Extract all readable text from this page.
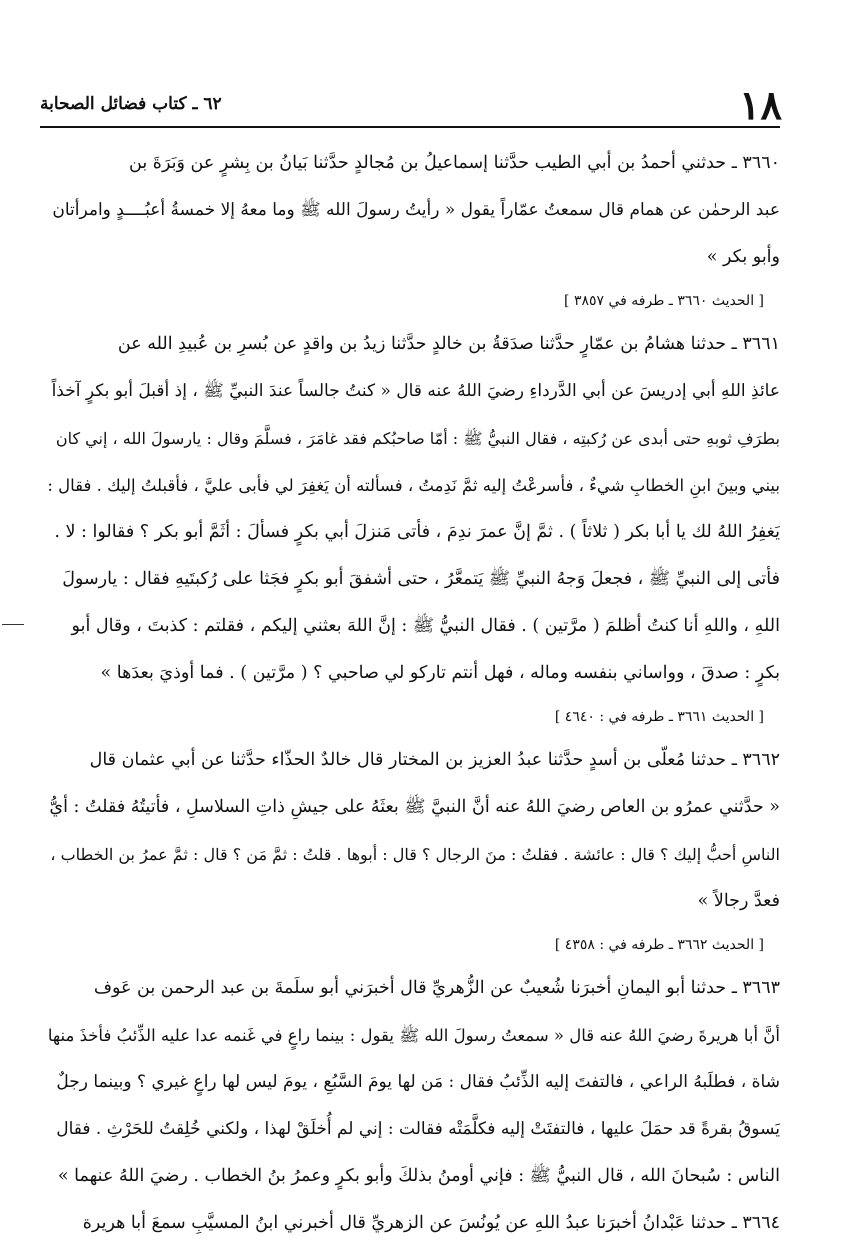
١٨
٦٢ ـ كتاب فضائل الصحابة
٣٦٦٠ ـ حدثني أحمدُ بن أبي الطيب حدَّثنا إسماعيلُ بن مُجالدٍ حدَّثنا بَيانُ بن بِشرٍ عن وَبَرَةَ بن
عبد الرحمٰن عن همام قال سمعتُ عمّاراً يقول « رأيتُ رسولَ الله ﷺ وما معهُ إلا خمسةُ أعبُــــدٍ وامرأتان
وأبو بكر »
[ الحديث ٣٦٦٠ ـ طرفه في ٣٨٥٧ ]
٣٦٦١ ـ حدثنا هشامُ بن عمّارٍ حدَّثنا صدَقةُ بن خالدٍ حدَّثنا زيدُ بن واقدٍ عن بُسرِ بن عُبيدِ الله عن
عائذِ اللهِ أبي إدريسَ عن أبي الدَّرداءِ رضيَ اللهُ عنه قال « كنتُ جالساً عندَ النبيِّ ﷺ ، إذ أقبلَ أبو بكرٍ آخذاً
بطرَفِ ثوبهِ حتى أبدى عن رُكبتِه ، فقال النبيُّ ﷺ : أمّا صاحبُكم فقد غامَرَ ، فسلَّمَ وقال : يارسولَ الله ، إني كان
بيني وبينَ ابنِ الخطابِ شيءٌ ، فأسرعْتُ إليه ثمَّ نَدِمتُ ، فسألته أن يَغفِرَ لي فأبى عليَّ ، فأقبلتُ إليك . فقال :
يَغفِرُ اللهُ لك يا أبا بكر ( ثلاثاً ) . ثمَّ إنَّ عمرَ ندِمَ ، فأتى مَنزلَ أبي بكرٍ فسألَ : أثَمَّ أبو بكر ؟ فقالوا : لا .
فأتى إلى النبيِّ ﷺ ، فجعلَ وَجهُ النبيِّ ﷺ يَتمعَّرُ ، حتى أشفقَ أبو بكرٍ فجَثا على رُكبتَيهِ فقال : يارسولَ
اللهِ ، واللهِ أنا كنتُ أظلمَ ( مرَّتين ) . فقال النبيُّ ﷺ : إنَّ اللهَ بعثني إليكم ، فقلتم : كذبتَ ، وقال أبو
بكرٍ : صدقَ ، وواساني بنفسه وماله ، فهل أنتم تاركو لي صاحبي ؟ ( مرَّتين ) . فما أوذيَ بعدَها »
[ الحديث ٣٦٦١ ـ طرفه في : ٤٦٤٠ ]
٣٦٦٢ ـ حدثنا مُعلّى بن أسدٍ حدَّثنا عبدُ العزيز بن المختار قال خالدٌ الحذّاء حدَّثنا عن أبي عثمان قال
« حدَّثني عمرُو بن العاص رضيَ اللهُ عنه أنَّ النبيَّ ﷺ بعثَهُ على جيشِ ذاتِ السلاسلِ ، فأتيتُهُ فقلتُ : أيُّ
الناسِ أحبُّ إليك ؟ قال : عائشة . فقلتُ : منَ الرجال ؟ قال : أبوها . قلتُ : ثمَّ مَن ؟ قال : ثمَّ عمرُ بن الخطاب ،
فعدَّ رجالاً »
[ الحديث ٣٦٦٢ ـ طرفه في : ٤٣٥٨ ]
٣٦٦٣ ـ حدثنا أبو اليمانِ أخبرَنا شُعيبٌ عن الزُّهريِّ قال أخبرَني أبو سلَمةَ بن عبد الرحمن بن عَوف
أنَّ أبا هريرةَ رضيَ اللهُ عنه قال « سمعتُ رسولَ الله ﷺ يقول : بينما راعٍ في غَنمه عدا عليه الذِّئبُ فأخذَ منها
شاة ، فطلَبهُ الراعي ، فالتفتَ إليه الذِّئبُ فقال : مَن لها يومَ السَّبُعِ ، يومَ ليس لها راعٍ غيري ؟ وبينما رجلٌ
يَسوقُ بقرةً قد حمَلَ عليها ، فالتفتَتْ إليه فكلَّمَتْه فقالت : إني لم أُخلَقْ لهذا ، ولكني خُلِقتُ للحَرْثِ . فقال
الناس : سُبحانَ الله ، قال النبيُّ ﷺ : فإني أومنُ بذلكَ وأبو بكرٍ وعمرُ بنُ الخطاب . رضيَ اللهُ عنهما »
٣٦٦٤ ـ حدثنا عَبْدانُ أخبرَنا عبدُ اللهِ عن يُونُسَ عن الزهريِّ قال أخبرني ابنُ المسيَّبِ سمعَ أبا هريرة
